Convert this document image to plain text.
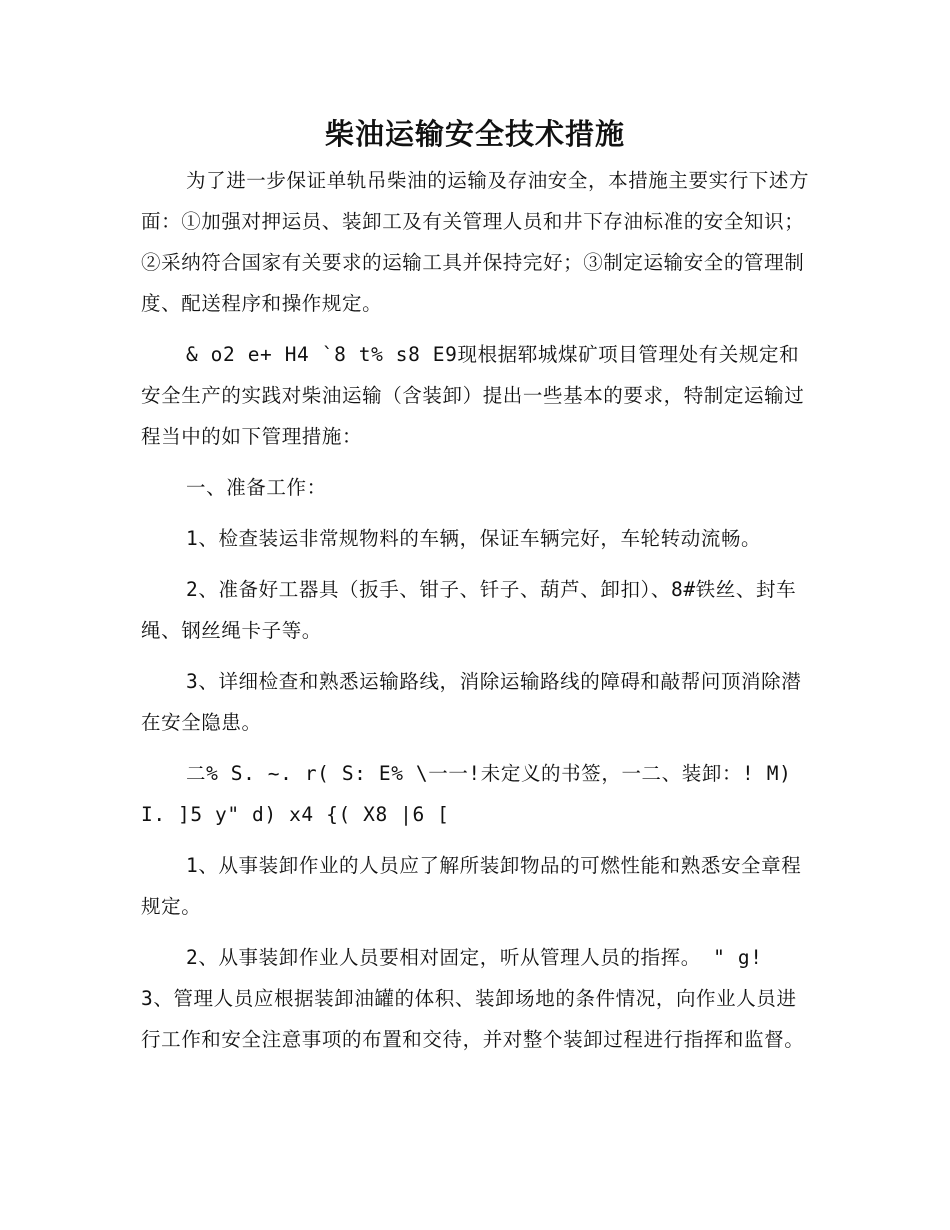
柴油运输安全技术措施

为了进一步保证单轨吊柴油的运输及存油安全，本措施主要实行下述方面：①加强对押运员、装卸工及有关管理人员和井下存油标准的安全知识；②采纳符合国家有关要求的运输工具并保持完好；③制定运输安全的管理制度、配送程序和操作规定。

& o2 e+ H4 `8 t% s8 E9现根据郓城煤矿项目管理处有关规定和安全生产的实践对柴油运输（含装卸）提出一些基本的要求，特制定运输过程当中的如下管理措施：

一、准备工作：

1、检查装运非常规物料的车辆，保证车辆完好，车轮转动流畅。

2、准备好工器具（扳手、钳子、钎子、葫芦、卸扣）、8#铁丝、封车绳、钢丝绳卡子等。

3、详细检查和熟悉运输路线，消除运输路线的障碍和敲帮问顶消除潜在安全隐患。

二% S. ~. r( S: E% \一一!未定义的书签，一二、装卸：! M) I. ]5 y" d) x4 {( X8 |6 [

1、从事装卸作业的人员应了解所装卸物品的可燃性能和熟悉安全章程规定。

2、从事装卸作业人员要相对固定，听从管理人员的指挥。 " g!

3、管理人员应根据装卸油罐的体积、装卸场地的条件情况，向作业人员进行工作和安全注意事项的布置和交待，并对整个装卸过程进行指挥和监督。
